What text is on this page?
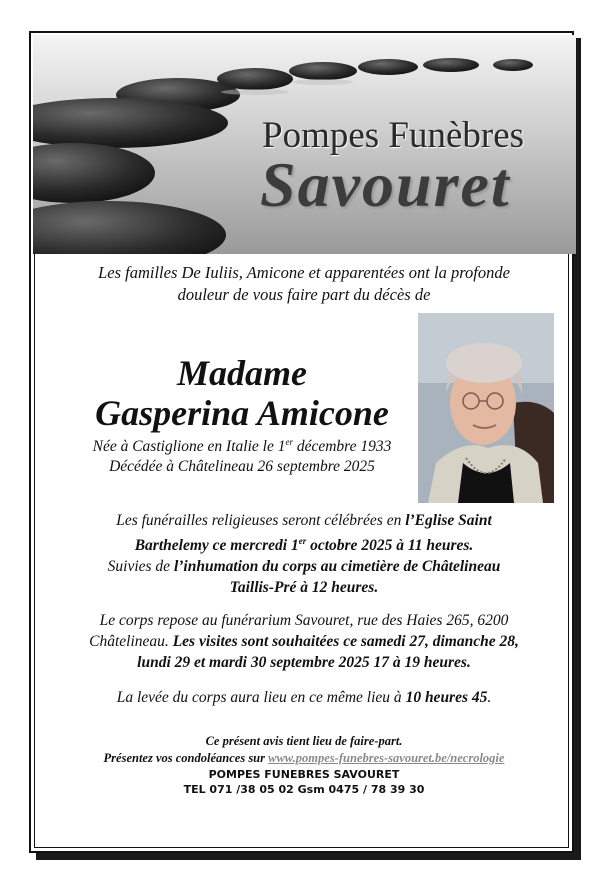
Pompes Funèbres
Savouret
Les familles De Iuliis, Amicone et apparentées ont la profonde
douleur de vous faire part du décès de
Madame
Gasperina Amicone
Née à Castiglione en Italie le 1er décembre 1933
Décédée à Châtelineau 26 septembre 2025
Les funérailles religieuses seront célébrées en l’Eglise Saint
Barthelemy ce mercredi 1er octobre 2025 à 11 heures.
Suivies de l’inhumation du corps au cimetière de Châtelineau
Taillis-Pré à 12 heures.
Le corps repose au funérarium Savouret, rue des Haies 265, 6200
Châtelineau. Les visites sont souhaitées ce samedi 27, dimanche 28,
lundi 29 et mardi 30 septembre 2025 17 à 19 heures.
La levée du corps aura lieu en ce même lieu à 10 heures 45.
Ce présent avis tient lieu de faire-part.
Présentez vos condoléances sur www.pompes-funebres-savouret.be/necrologie
POMPES FUNEBRES SAVOURET
TEL 071 /38 05 02 Gsm 0475 / 78 39 30
